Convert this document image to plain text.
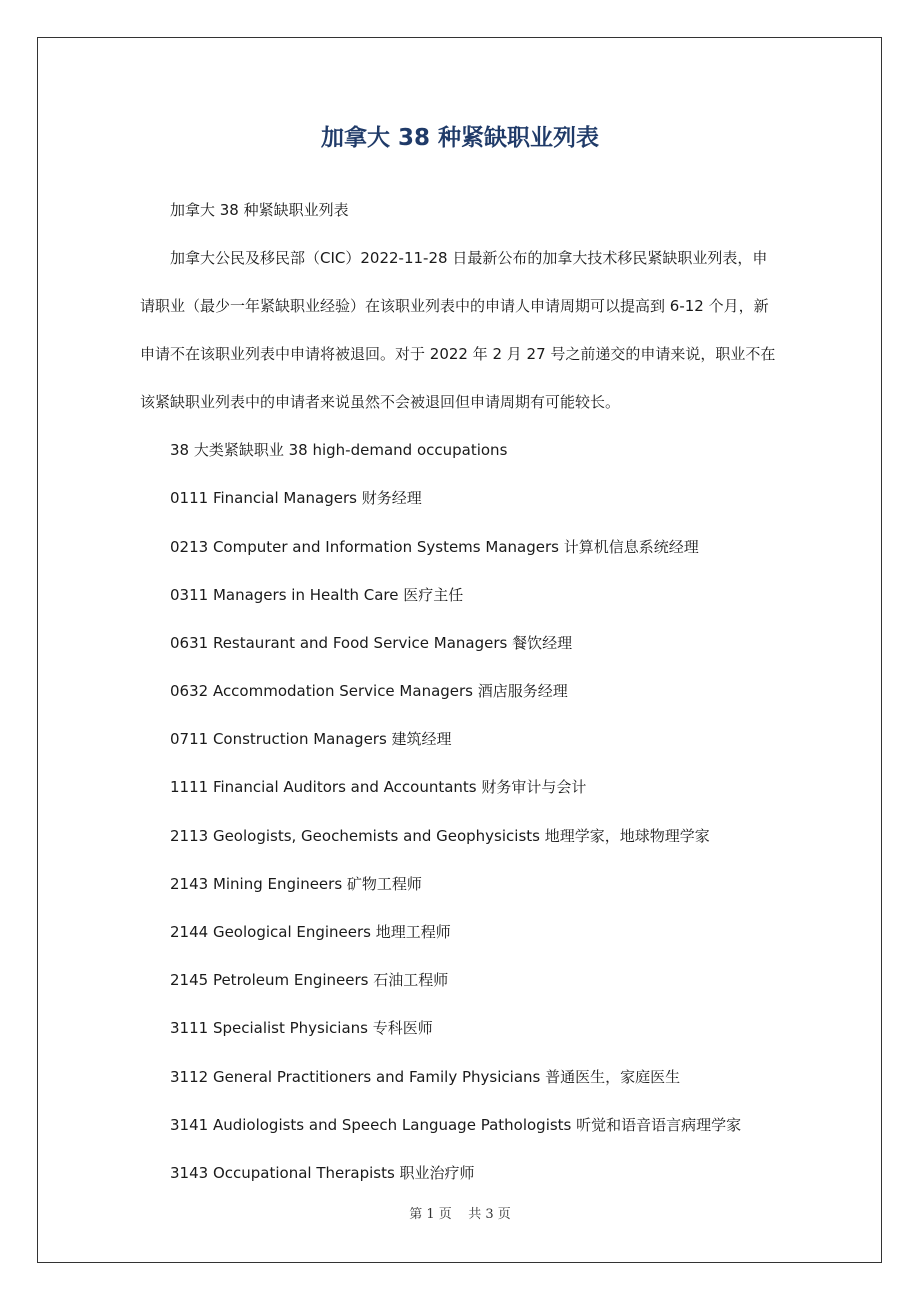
加拿大 38 种紧缺职业列表

加拿大 38 种紧缺职业列表

加拿大公民及移民部（CIC）2022-11-28 日最新公布的加拿大技术移民紧缺职业列表，申

请职业（最少一年紧缺职业经验）在该职业列表中的申请人申请周期可以提高到 6-12 个月，新

申请不在该职业列表中申请将被退回。对于 2022 年 2 月 27 号之前递交的申请来说，职业不在

该紧缺职业列表中的申请者来说虽然不会被退回但申请周期有可能较长。

38 大类紧缺职业 38 high-demand occupations

0111 Financial Managers 财务经理

0213 Computer and Information Systems Managers 计算机信息系统经理

0311 Managers in Health Care 医疗主任

0631 Restaurant and Food Service Managers 餐饮经理

0632 Accommodation Service Managers 酒店服务经理

0711 Construction Managers 建筑经理

1111 Financial Auditors and Accountants 财务审计与会计

2113 Geologists, Geochemists and Geophysicists 地理学家，地球物理学家

2143 Mining Engineers 矿物工程师

2144 Geological Engineers 地理工程师

2145 Petroleum Engineers 石油工程师

3111 Specialist Physicians 专科医师

3112 General Practitioners and Family Physicians 普通医生，家庭医生

3141 Audiologists and Speech Language Pathologists 听觉和语音语言病理学家

3143 Occupational Therapists 职业治疗师

第 1 页    共 3 页
